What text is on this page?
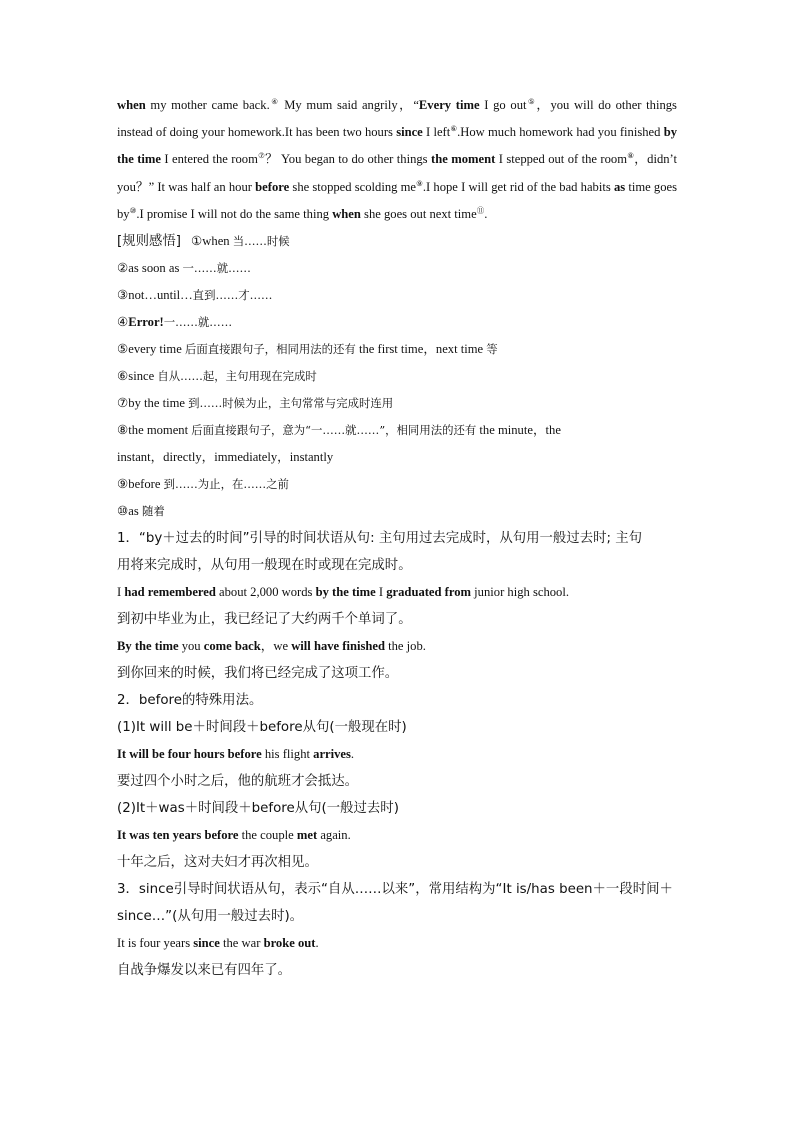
when my mother came back.④ My mum said angrily，“Every time I go out⑤，you will do other things instead of doing your homework.It has been two hours since I left⑥.How much homework had you finished by the time I entered the room⑦？ You began to do other things the moment I stepped out of the room⑧，didn’t you？” It was half an hour before she stopped scolding me⑨.I hope I will get rid of the bad habits as time goes by⑩.I promise I will not do the same thing when she goes out next time⑪.

[规则感悟] ①when 当……时候

②as soon as 一……就……

③not…until…直到……才……

④Error!一……就……

⑤every time 后面直接跟句子，相同用法的还有 the first time，next time 等

⑥since 自从……起，主句用现在完成时

⑦by the time 到……时候为止，主句常常与完成时连用

⑧the moment 后面直接跟句子，意为“一……就……”，相同用法的还有 the minute，the

instant，directly，immediately，instantly

⑨before 到……为止，在……之前

⑩as 随着

1．“by＋过去的时间”引导的时间状语从句: 主句用过去完成时，从句用一般过去时; 主句

用将来完成时，从句用一般现在时或现在完成时。

I had remembered about 2,000 words by the time I graduated from junior high school.

到初中毕业为止，我已经记了大约两千个单词了。

By the time you come back，we will have finished the job.

到你回来的时候，我们将已经完成了这项工作。

2．before的特殊用法。

(1)It will be＋时间段＋before从句(一般现在时)

It will be four hours before his flight arrives.

要过四个小时之后，他的航班才会抵达。

(2)It＋was＋时间段＋before从句(一般过去时)

It was ten years before the couple met again.

十年之后，这对夫妇才再次相见。

3．since引导时间状语从句，表示“自从……以来”，常用结构为“It is/has been＋一段时间＋

since…”(从句用一般过去时)。

It is four years since the war broke out.

自战争爆发以来已有四年了。
